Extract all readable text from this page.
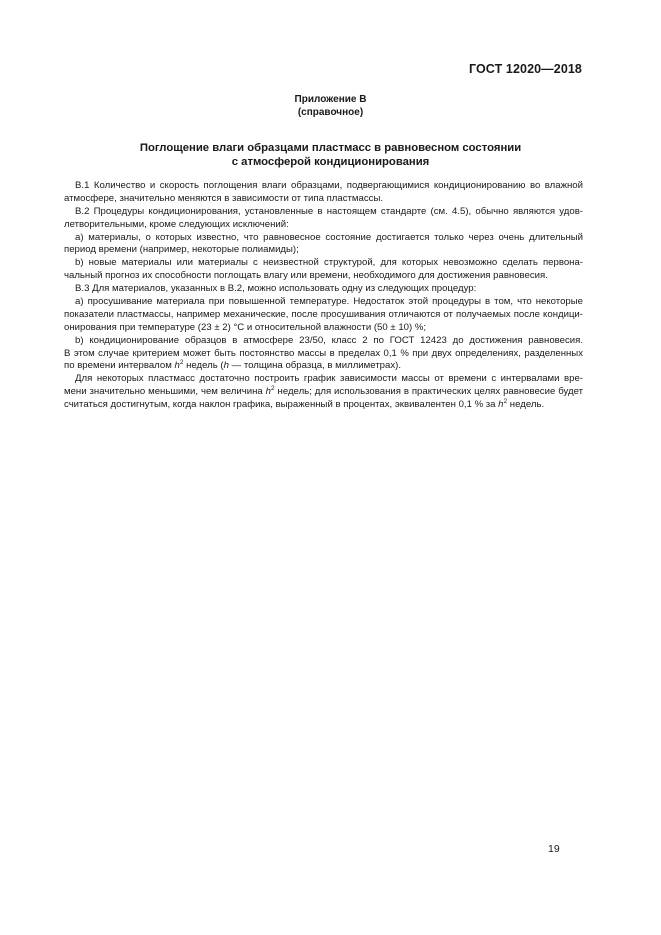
ГОСТ 12020—2018
Приложение В
(справочное)
Поглощение влаги образцами пластмасс в равновесном состоянии
с атмосферой кондиционирования
В.1 Количество и скорость поглощения влаги образцами, подвергающимися кондиционированию во влажной
атмосфере, значительно меняются в зависимости от типа пластмассы.
В.2 Процедуры кондиционирования, установленные в настоящем стандарте (см. 4.5), обычно являются удов-
летворительными, кроме следующих исключений:
a) материалы, о которых известно, что равновесное состояние достигается только через очень длительный
период времени (например, некоторые полиамиды);
b) новые материалы или материалы с неизвестной структурой, для которых невозможно сделать первона-
чальный прогноз их способности поглощать влагу или времени, необходимого для достижения равновесия.
В.3 Для материалов, указанных в В.2, можно использовать одну из следующих процедур:
а) просушивание материала при повышенной температуре. Недостаток этой процедуры в том, что некоторые
показатели пластмассы, например механические, после просушивания отличаются от получаемых после кондици-
онирования при температуре (23 ± 2) °С и относительной влажности (50 ± 10) %;
b) кондиционирование образцов в атмосфере 23/50, класс 2 по ГОСТ 12423 до достижения равновесия.
В этом случае критерием может быть постоянство массы в пределах 0,1 % при двух определениях, разделенных
по времени интервалом $h^2$ недель (h — толщина образца, в миллиметрах).
Для некоторых пластмасс достаточно построить график зависимости массы от времени с интервалами вре-
мени значительно меньшими, чем величина $h^2$ недель; для использования в практических целях равновесие будет
считаться достигнутым, когда наклон графика, выраженный в процентах, эквивалентен 0,1 % за $h^2$ недель.
19
